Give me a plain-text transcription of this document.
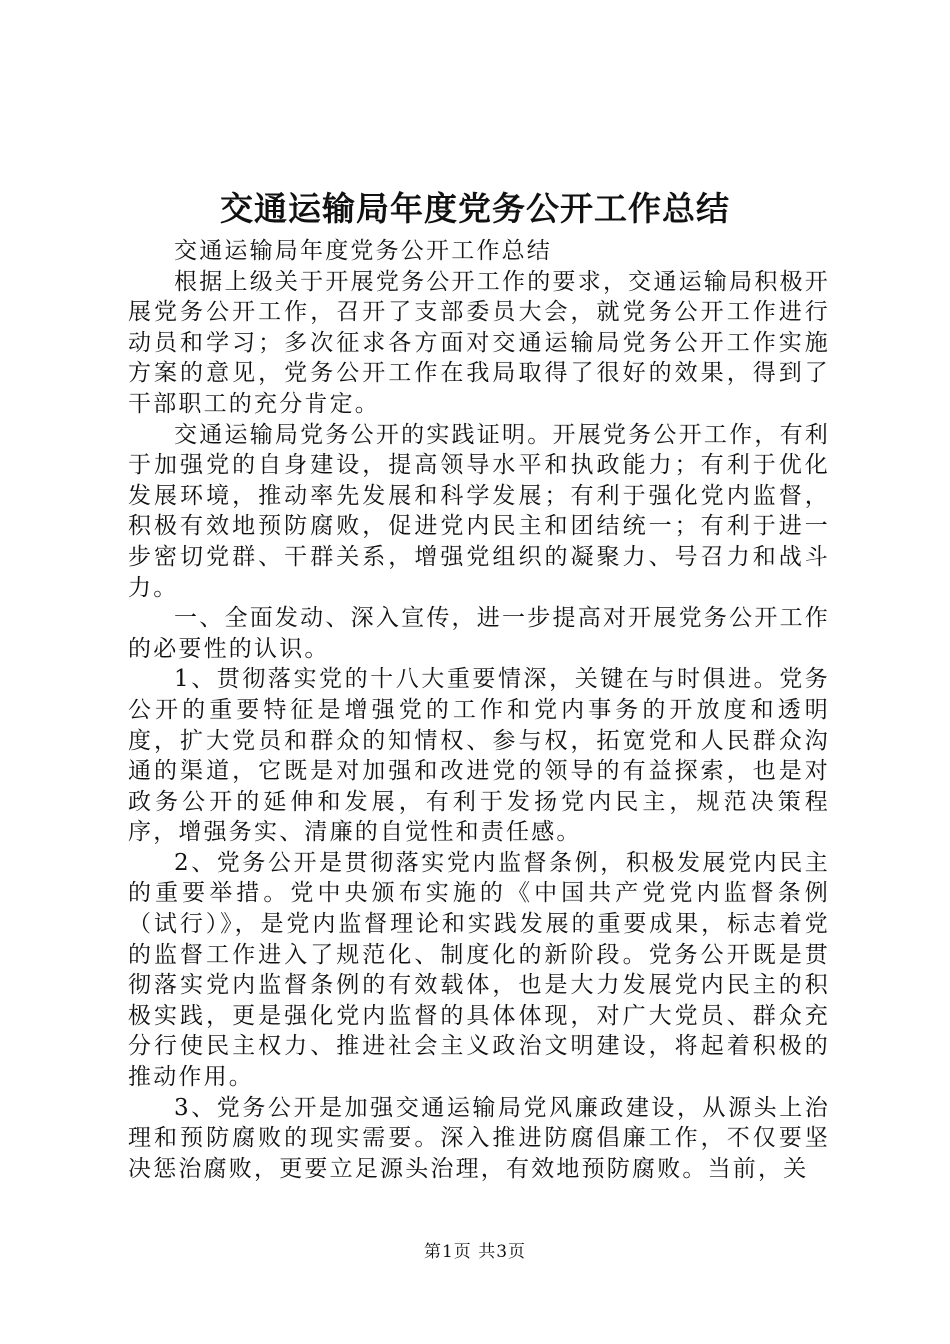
交通运输局年度党务公开工作总结

交通运输局年度党务公开工作总结

根据上级关于开展党务公开工作的要求，交通运输局积极开展党务公开工作，召开了支部委员大会，就党务公开工作进行动员和学习；多次征求各方面对交通运输局党务公开工作实施方案的意见，党务公开工作在我局取得了很好的效果，得到了干部职工的充分肯定。

交通运输局党务公开的实践证明。开展党务公开工作，有利于加强党的自身建设，提高领导水平和执政能力；有利于优化发展环境，推动率先发展和科学发展；有利于强化党内监督，积极有效地预防腐败，促进党内民主和团结统一；有利于进一步密切党群、干群关系，增强党组织的凝聚力、号召力和战斗力。

一、全面发动、深入宣传，进一步提高对开展党务公开工作的必要性的认识。

1、贯彻落实党的十八大重要情深，关键在与时俱进。党务公开的重要特征是增强党的工作和党内事务的开放度和透明度，扩大党员和群众的知情权、参与权，拓宽党和人民群众沟通的渠道，它既是对加强和改进党的领导的有益探索，也是对政务公开的延伸和发展，有利于发扬党内民主，规范决策程序，增强务实、清廉的自觉性和责任感。

2、党务公开是贯彻落实党内监督条例，积极发展党内民主的重要举措。党中央颁布实施的《中国共产党党内监督条例（试行）》，是党内监督理论和实践发展的重要成果，标志着党的监督工作进入了规范化、制度化的新阶段。党务公开既是贯彻落实党内监督条例的有效载体，也是大力发展党内民主的积极实践，更是强化党内监督的具体体现，对广大党员、群众充分行使民主权力、推进社会主义政治文明建设，将起着积极的推动作用。

3、党务公开是加强交通运输局党风廉政建设，从源头上治理和预防腐败的现实需要。深入推进防腐倡廉工作，不仅要坚决惩治腐败，更要立足源头治理，有效地预防腐败。当前，关

第1页 共3页
